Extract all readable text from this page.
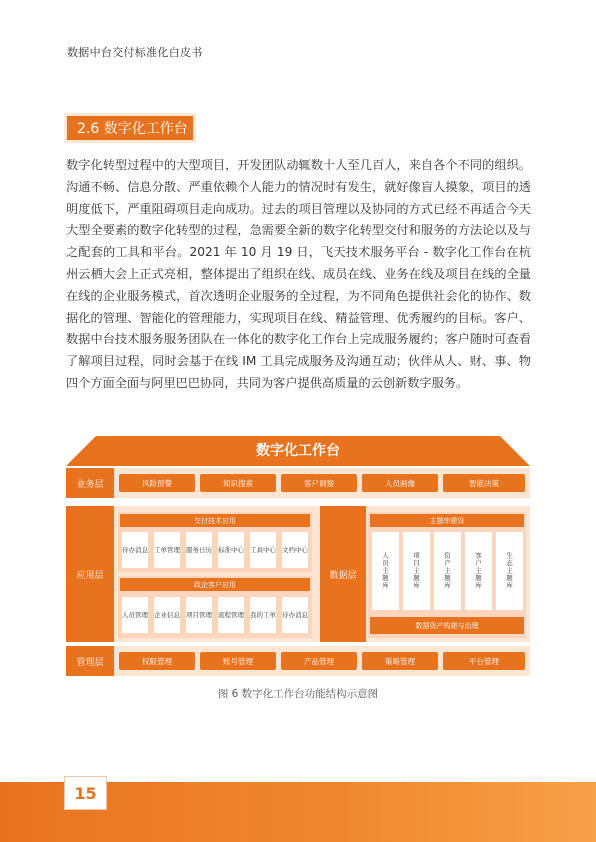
数据中台交付标准化白皮书
2.6 数字化工作台
数字化转型过程中的大型项目，开发团队动辄数十人至几百人，来自各个不同的组织。沟通不畅、信息分散、严重依赖个人能力的情况时有发生，就好像盲人摸象，项目的透明度低下，严重阻碍项目走向成功。过去的项目管理以及协同的方式已经不再适合今天大型全要素的数字化转型的过程，急需要全新的数字化转型交付和服务的方法论以及与之配套的工具和平台。2021 年 10 月 19 日，飞天技术服务平台 - 数字化工作台在杭州云栖大会上正式亮相，整体提出了组织在线、成员在线、业务在线及项目在线的全量在线的企业服务模式，首次透明企业服务的全过程，为不同角色提供社会化的协作、数据化的管理、智能化的管理能力，实现项目在线、精益管理、优秀履约的目标。客户、数据中台技术服务服务团队在一体化的数字化工作台上完成服务履约；客户随时可查看了解项目过程，同时会基于在线 IM 工具完成服务及沟通互动；伙伴从人、财、事、物四个方面全面与阿里巴巴协同，共同为客户提供高质量的云创新数字服务。
数字化工作台
业务层	风险预警	知识搜索	客户洞察	人员画像	智能决策
应用层
交付技术应用
待办消息 工单管理 服务日历 标准中心 工具中心 文档中心
政企客户应用
人员管理 企业信息 项目管理 流程管理 我的工单 待办消息
数据层
主题库建设
人员主题库	项目主题库	资产主题库	客户主题库	生态主题库
数据资产构建与治理
管理层	权限管理	账号管理	产品管理	策略管理	平台管理
图 6 数字化工作台功能结构示意图
15
